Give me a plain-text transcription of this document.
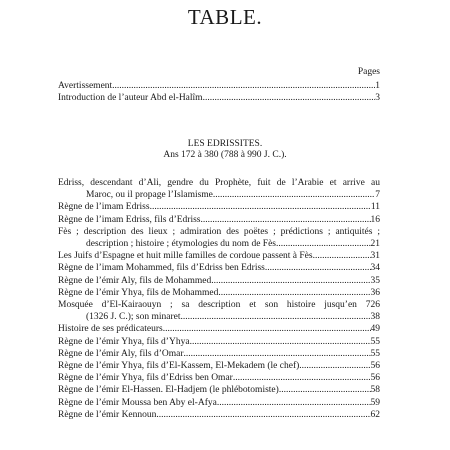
TABLE.
Pages
Avertissement .....	1
Introduction de l’auteur Abd el-Halîm .....	3
LES EDRISSITES.
Ans 172 à 380 (788 à 990 J. C.).
Edriss, descendant d’Ali, gendre du Prophète, fuit de l’Arabie et arrive au
Maroc, ou il propage l’Islamisme .....	7
Règne de l’imam Edriss .....	11
Règne de l’imam Edriss, fils d’Edriss .....	16
Fès ; description des lieux ; admiration des poëtes ; prédictions ; antiquités ;
description ; histoire ; étymologies du nom de Fès .....	21
Les Juifs d’Espagne et huit mille familles de cordoue passent à Fès .....	31
Règne de l’imam Mohammed, fils d’Edriss ben Edriss .....	34
Règne de l’émir Aly, fils de Mohammed .....	35
Règne de l’émir Yhya, fils de Mohammed .....	36
Mosquée d’El-Kairaouyn ; sa description et son histoire jusqu’en 726
(1326 J. C.); son minaret .....	38
Histoire de ses prédicateurs .....	49
Règne de l’émir Yhya, fils d’Yhya .....	55
Règne de l’émir Aly, fils d’Omar .....	55
Règne de l’émir Yhya, fils d’El-Kassem, El-Mekadem (le chef) .....	56
Règne de l’émir Yhya, fils d’Edriss ben Omar .....	56
Règne de l’émir El-Hassen. El-Hadjem (le phlébotomiste) .....	58
Règne de l’émir Moussa ben Aby el-Afya .....	59
Règne de l’émir Kennoun .....	62
